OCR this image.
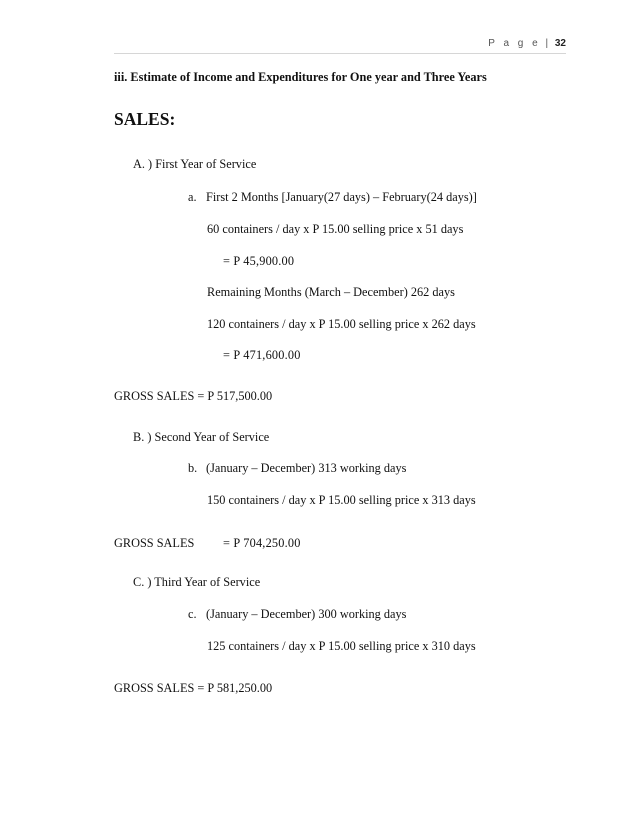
P a g e | 32
iii. Estimate of Income and Expenditures for One year and Three Years
SALES:
A. ) First Year of Service
a. First 2 Months [January(27 days) – February(24 days)]
60 containers / day x P 15.00 selling price x 51 days
= P 45,900.00
Remaining Months (March – December) 262 days
120 containers / day x P 15.00 selling price x 262 days
= P 471,600.00
GROSS SALES = P 517,500.00
B. ) Second Year of Service
b. (January – December) 313 working days
150 containers / day x P 15.00 selling price x 313 days
GROSS SALES = P 704,250.00
C. ) Third Year of Service
c. (January – December) 300 working days
125 containers / day x P 15.00 selling price x 310 days
GROSS SALES = P 581,250.00
